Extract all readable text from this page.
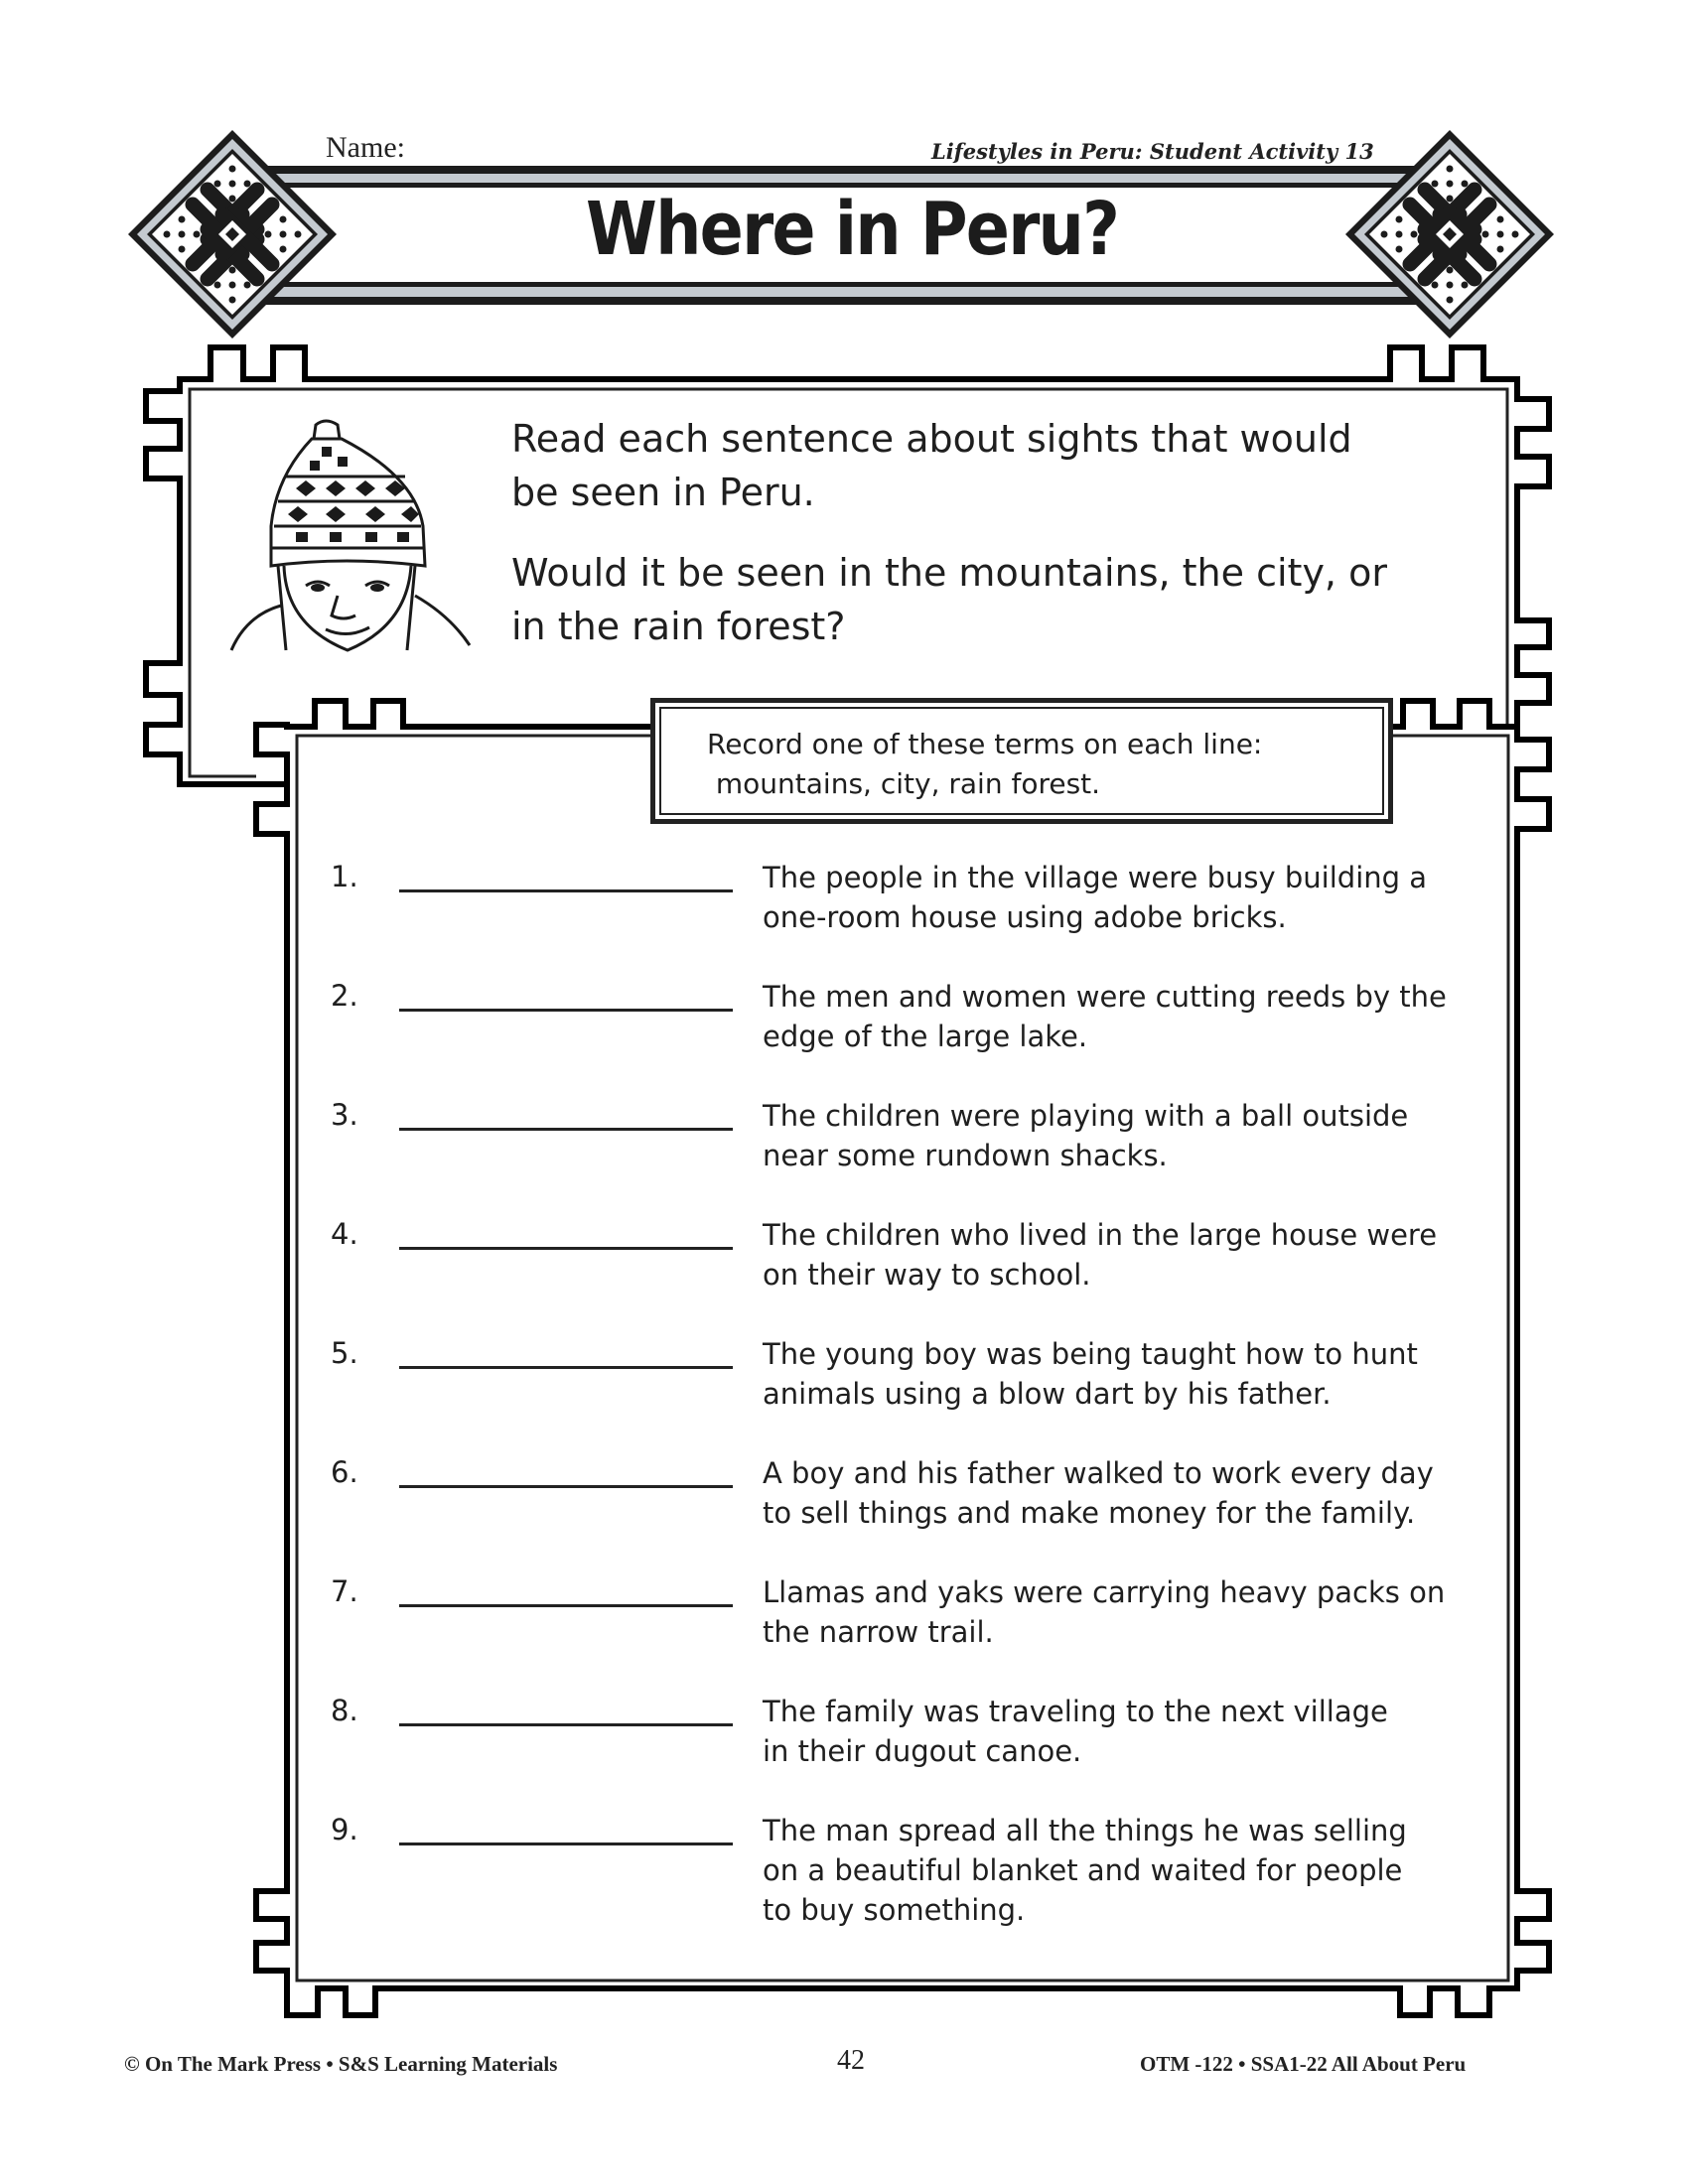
Name:	Lifestyles in Peru: Student Activity 13
Where in Peru?
Read each sentence about sights that would
be seen in Peru.
Would it be seen in the mountains, the city, or
in the rain forest?
Record one of these terms on each line:
mountains, city, rain forest.
1.	The people in the village were busy building a
one-room house using adobe bricks.
2.	The men and women were cutting reeds by the
edge of the large lake.
3.	The children were playing with a ball outside
near some rundown shacks.
4.	The children who lived in the large house were
on their way to school.
5.	The young boy was being taught how to hunt
animals using a blow dart by his father.
6.	A boy and his father walked to work every day
to sell things and make money for the family.
7.	Llamas and yaks were carrying heavy packs on
the narrow trail.
8.	The family was traveling to the next village
in their dugout canoe.
9.	The man spread all the things he was selling
on a beautiful blanket and waited for people
to buy something.
© On The Mark Press • S&S Learning Materials	42	OTM -122 • SSA1-22 All About Peru
